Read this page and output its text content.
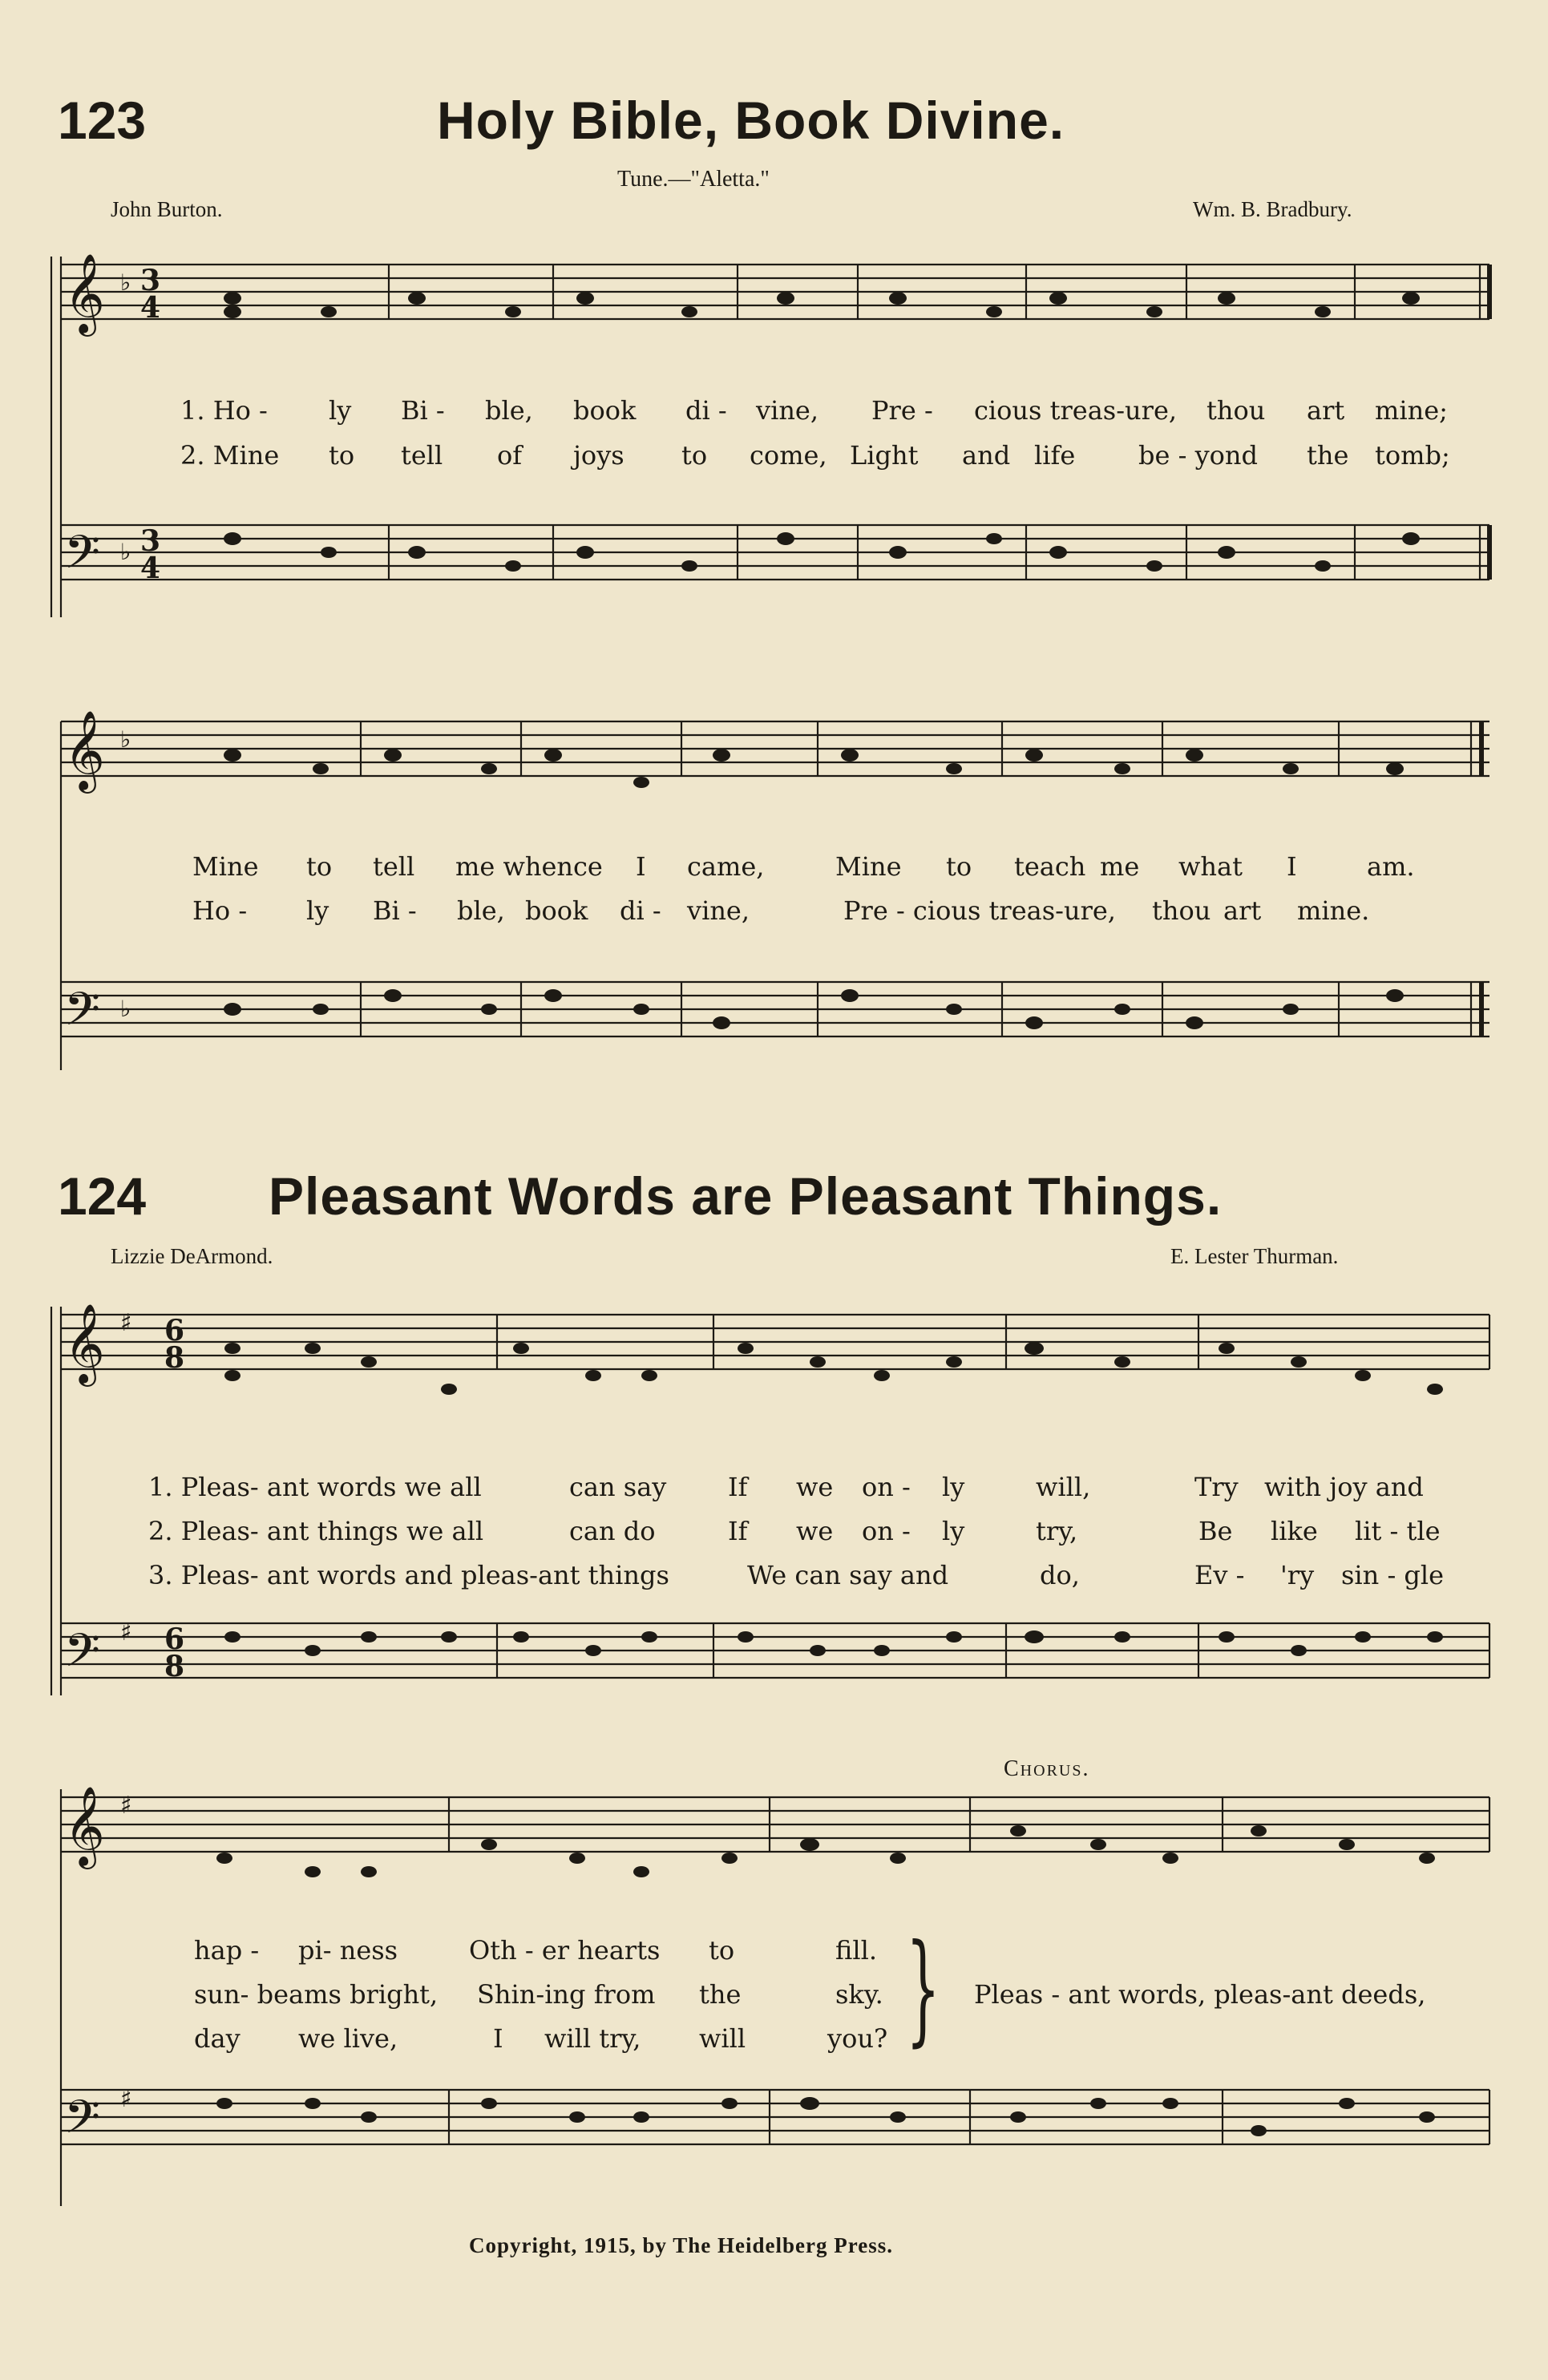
123	Holy Bible, Book Divine.
Tune.—"Aletta."
John Burton.	Wm. B. Bradbury.
𝄞
𝄢
♭
♭
3
4
3
4
1. Ho - ly Bi - ble, book di - vine, Pre - cious treas-ure, thou art mine;
2. Mine to tell of joys to come, Light and life be - yond the tomb;
𝄞
𝄢
♭
♭
Mine to tell me whence I came,	Mine to teach me what I	am.
Ho - ly Bi - ble, book di - vine,	Pre - cious treas-ure, thou art mine.
124 Pleasant Words are Pleasant Things.
Lizzie DeArmond.	E. Lester Thurman.
𝄞
𝄢
♯
♯
6
8
6
8
1. Pleas- ant words we all	can say If we on - ly	will,	Try with joy and
2. Pleas- ant things we all	can do	If we on - ly	try,	Be like lit - tle
3. Pleas- ant words and pleas-ant things	We can say and	do,	Ev - 'ry sin - gle
Chorus.
𝄞
𝄢
♯
♯
hap - pi- ness	Oth - er hearts to	fill.
sun- beams bright, Shin-ing from the	sky.
day we live,	I will try, will	you? } Pleas - ant words, pleas-ant deeds,
Copyright, 1915, by The Heidelberg Press.
